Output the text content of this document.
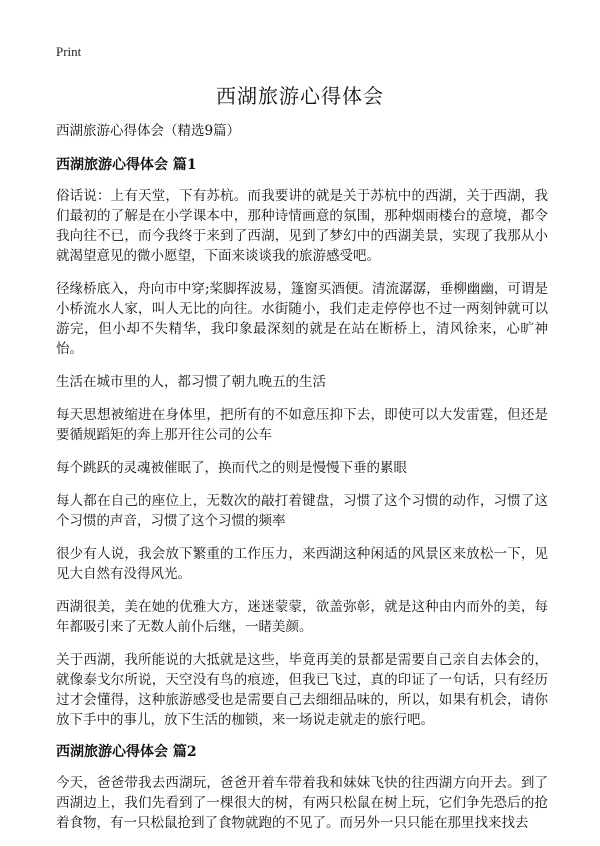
Print
西湖旅游心得体会

西湖旅游心得体会（精选9篇）

西湖旅游心得体会 篇1

俗话说：上有天堂，下有苏杭。而我要讲的就是关于苏杭中的西湖，关于西湖，我们最初的了解是在小学课本中，那种诗情画意的氛围，那种烟雨楼台的意境，都令我向往不已，而今我终于来到了西湖，见到了梦幻中的西湖美景，实现了我那从小就渴望意见的微小愿望，下面来谈谈我的旅游感受吧。

径缘桥底入，舟向市中穿;桨脚挥波易，篷窗买酒便。清流潺潺，垂柳幽幽，可谓是小桥流水人家，叫人无比的向往。水街随小，我们走走停停也不过一两刻钟就可以游完，但小却不失精华，我印象最深刻的就是在站在断桥上，清风徐来，心旷神怡。

生活在城市里的人，都习惯了朝九晚五的生活

每天思想被缩进在身体里，把所有的不如意压抑下去，即使可以大发雷霆，但还是要循规蹈矩的奔上那开往公司的公车

每个跳跃的灵魂被催眠了，换而代之的则是慢慢下垂的累眼

每人都在自己的座位上，无数次的敲打着键盘，习惯了这个习惯的动作，习惯了这个习惯的声音，习惯了这个习惯的频率

很少有人说，我会放下繁重的工作压力，来西湖这种闲适的风景区来放松一下，见见大自然有没得风光。

西湖很美，美在她的优雅大方，迷迷蒙蒙，欲盖弥彰，就是这种由内而外的美，每年都吸引来了无数人前仆后继，一睹美颜。

关于西湖，我所能说的大抵就是这些，毕竟再美的景都是需要自己亲自去体会的，就像泰戈尔所说，天空没有鸟的痕迹，但我已飞过，真的印证了一句话，只有经历过才会懂得，这种旅游感受也是需要自己去细细品味的，所以，如果有机会，请你放下手中的事儿，放下生活的枷锁，来一场说走就走的旅行吧。

西湖旅游心得体会 篇2

今天，爸爸带我去西湖玩，爸爸开着车带着我和妹妹飞快的往西湖方向开去。到了西湖边上，我们先看到了一棵很大的树，有两只松鼠在树上玩，它们争先恐后的抢着食物，有一只松鼠抢到了食物就跑的不见了。而另外一只只能在那里找来找去
